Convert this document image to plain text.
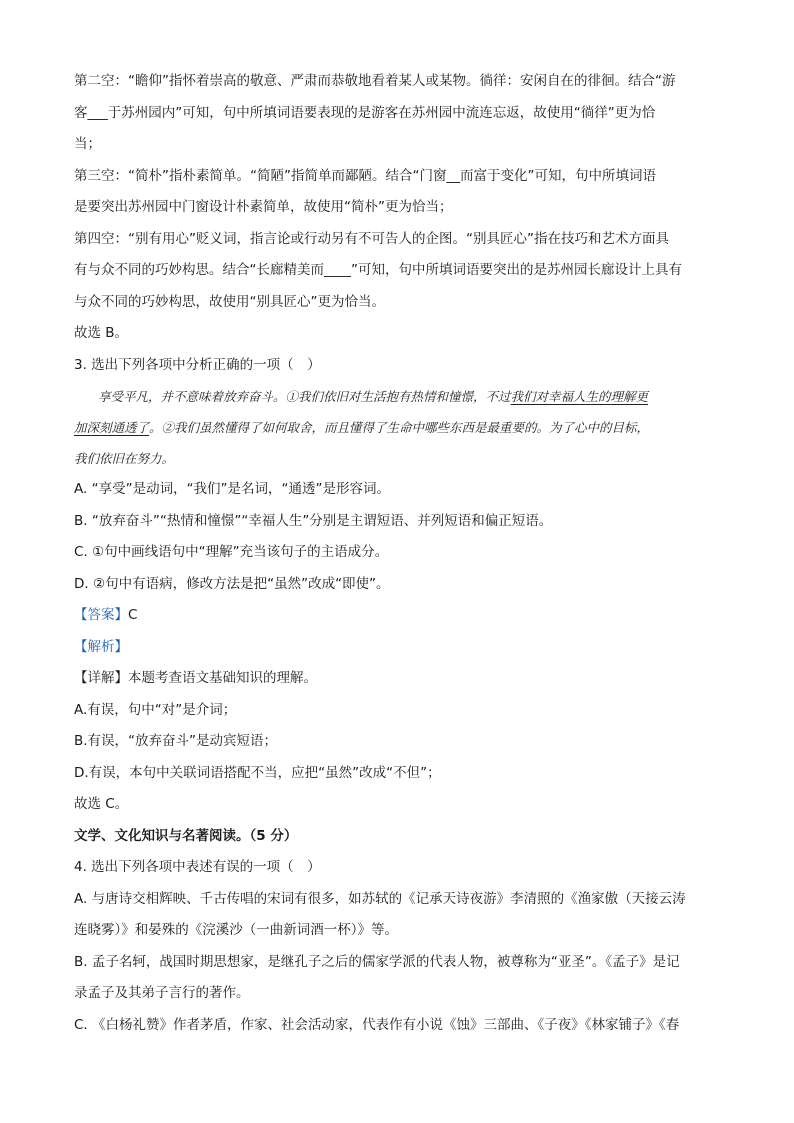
第二空：“瞻仰”指怀着崇高的敬意、严肃而恭敬地看着某人或某物。徜徉：安闲自在的徘徊。结合“游

客___于苏州园内”可知，句中所填词语要表现的是游客在苏州园中流连忘返，故使用“徜徉”更为恰

当；

第三空：“简朴”指朴素简单。“简陋”指简单而鄙陋。结合“门窗__而富于变化”可知，句中所填词语

是要突出苏州园中门窗设计朴素简单，故使用“简朴”更为恰当；

第四空：“别有用心”贬义词，指言论或行动另有不可告人的企图。“别具匠心”指在技巧和艺术方面具

有与众不同的巧妙构思。结合“长廊精美而____”可知，句中所填词语要突出的是苏州园长廊设计上具有

与众不同的巧妙构思，故使用“别具匠心”更为恰当。

故选 B。

3. 选出下列各项中分析正确的一项（　）

享受平凡，并不意味着放弃奋斗。①我们依旧对生活抱有热情和憧憬，不过我们对幸福人生的理解更

加深刻通透了。②我们虽然懂得了如何取舍，而且懂得了生命中哪些东西是最重要的。为了心中的目标，

我们依旧在努力。

A. “享受”是动词，“我们”是名词，“通透”是形容词。

B. “放弃奋斗”“热情和憧憬”“幸福人生”分别是主谓短语、并列短语和偏正短语。

C. ①句中画线语句中“理解”充当该句子的主语成分。

D. ②句中有语病，修改方法是把“虽然”改成“即使”。

【答案】C

【解析】

【详解】本题考查语文基础知识的理解。

A.有误，句中“对”是介词；

B.有误，“放弃奋斗”是动宾短语；

D.有误，本句中关联词语搭配不当，应把“虽然”改成“不但”；

故选 C。

文学、文化知识与名著阅读。（5 分）

4. 选出下列各项中表述有误的一项（　）

A. 与唐诗交相辉映、千古传唱的宋词有很多，如苏轼的《记承天诗夜游》李清照的《渔家傲（天接云涛

连晓雾）》和晏殊的《浣溪沙（一曲新词酒一杯）》等。

B. 孟子名轲，战国时期思想家，是继孔子之后的儒家学派的代表人物，被尊称为“亚圣”。《孟子》是记

录孟子及其弟子言行的著作。

C. 《白杨礼赞》作者茅盾，作家、社会活动家，代表作有小说《蚀》三部曲、《子夜》《林家铺子》《春
